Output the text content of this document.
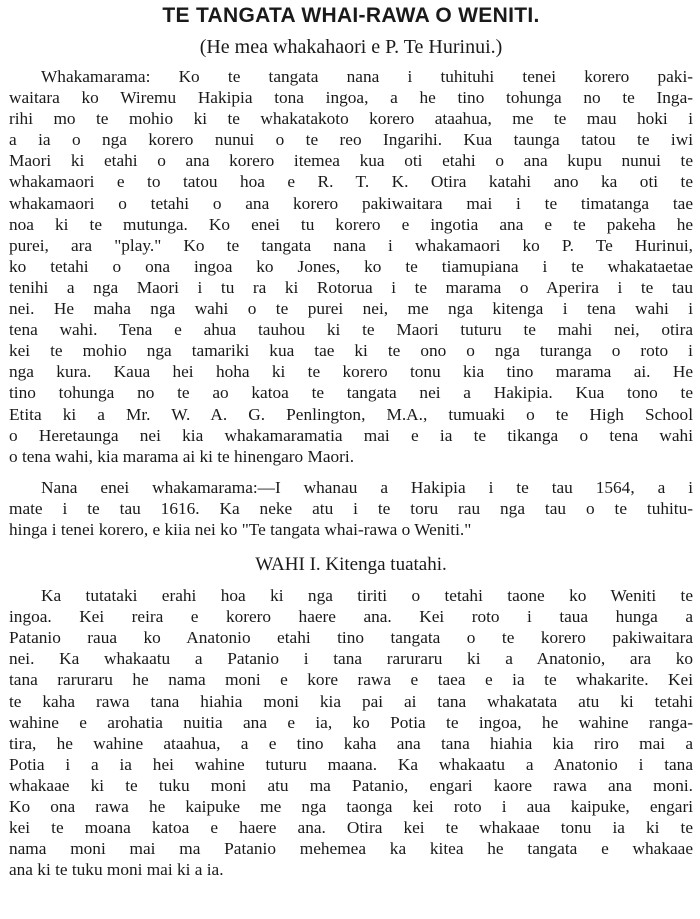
TE TANGATA WHAI-RAWA O WENITI.
(He mea whakahaori e P. Te Hurinui.)
Whakamarama: Ko te tangata nana i tuhituhi tenei korero paki-
waitara ko Wiremu Hakipia tona ingoa, a he tino tohunga no te Inga-
rihi mo te mohio ki te whakatakoto korero ataahua, me te mau hoki i
a ia o nga korero nunui o te reo Ingarihi. Kua taunga tatou te iwi
Maori ki etahi o ana korero itemea kua oti etahi o ana kupu nunui te
whakamaori e to tatou hoa e R. T. K. Otira katahi ano ka oti te
whakamaori o tetahi o ana korero pakiwaitara mai i te timatanga tae
noa ki te mutunga. Ko enei tu korero e ingotia ana e te pakeha he
purei, ara "play." Ko te tangata nana i whakamaori ko P. Te Hurinui,
ko tetahi o ona ingoa ko Jones, ko te tiamupiana i te whakataetae
tenihi a nga Maori i tu ra ki Rotorua i te marama o Aperira i te tau
nei. He maha nga wahi o te purei nei, me nga kitenga i tena wahi i
tena wahi. Tena e ahua tauhou ki te Maori tuturu te mahi nei, otira
kei te mohio nga tamariki kua tae ki te ono o nga turanga o roto i
nga kura. Kaua hei hoha ki te korero tonu kia tino marama ai. He
tino tohunga no te ao katoa te tangata nei a Hakipia. Kua tono te
Etita ki a Mr. W. A. G. Penlington, M.A., tumuaki o te High School
o Heretaunga nei kia whakamaramatia mai e ia te tikanga o tena wahi
o tena wahi, kia marama ai ki te hinengaro Maori.
Nana enei whakamarama:—I whanau a Hakipia i te tau 1564, a i
mate i te tau 1616. Ka neke atu i te toru rau nga tau o te tuhitu-
hinga i tenei korero, e kiia nei ko "Te tangata whai-rawa o Weniti."
WAHI I. Kitenga tuatahi.
Ka tutataki erahi hoa ki nga tiriti o tetahi taone ko Weniti te
ingoa. Kei reira e korero haere ana. Kei roto i taua hunga a
Patanio raua ko Anatonio etahi tino tangata o te korero pakiwaitara
nei. Ka whakaatu a Patanio i tana raruraru ki a Anatonio, ara ko
tana raruraru he nama moni e kore rawa e taea e ia te whakarite. Kei
te kaha rawa tana hiahia moni kia pai ai tana whakatata atu ki tetahi
wahine e arohatia nuitia ana e ia, ko Potia te ingoa, he wahine ranga-
tira, he wahine ataahua, a e tino kaha ana tana hiahia kia riro mai a
Potia i a ia hei wahine tuturu maana. Ka whakaatu a Anatonio i tana
whakaae ki te tuku moni atu ma Patanio, engari kaore rawa ana moni.
Ko ona rawa he kaipuke me nga taonga kei roto i aua kaipuke, engari
kei te moana katoa e haere ana. Otira kei te whakaae tonu ia ki te
nama moni mai ma Patanio mehemea ka kitea he tangata e whakaae
ana ki te tuku moni mai ki a ia.
